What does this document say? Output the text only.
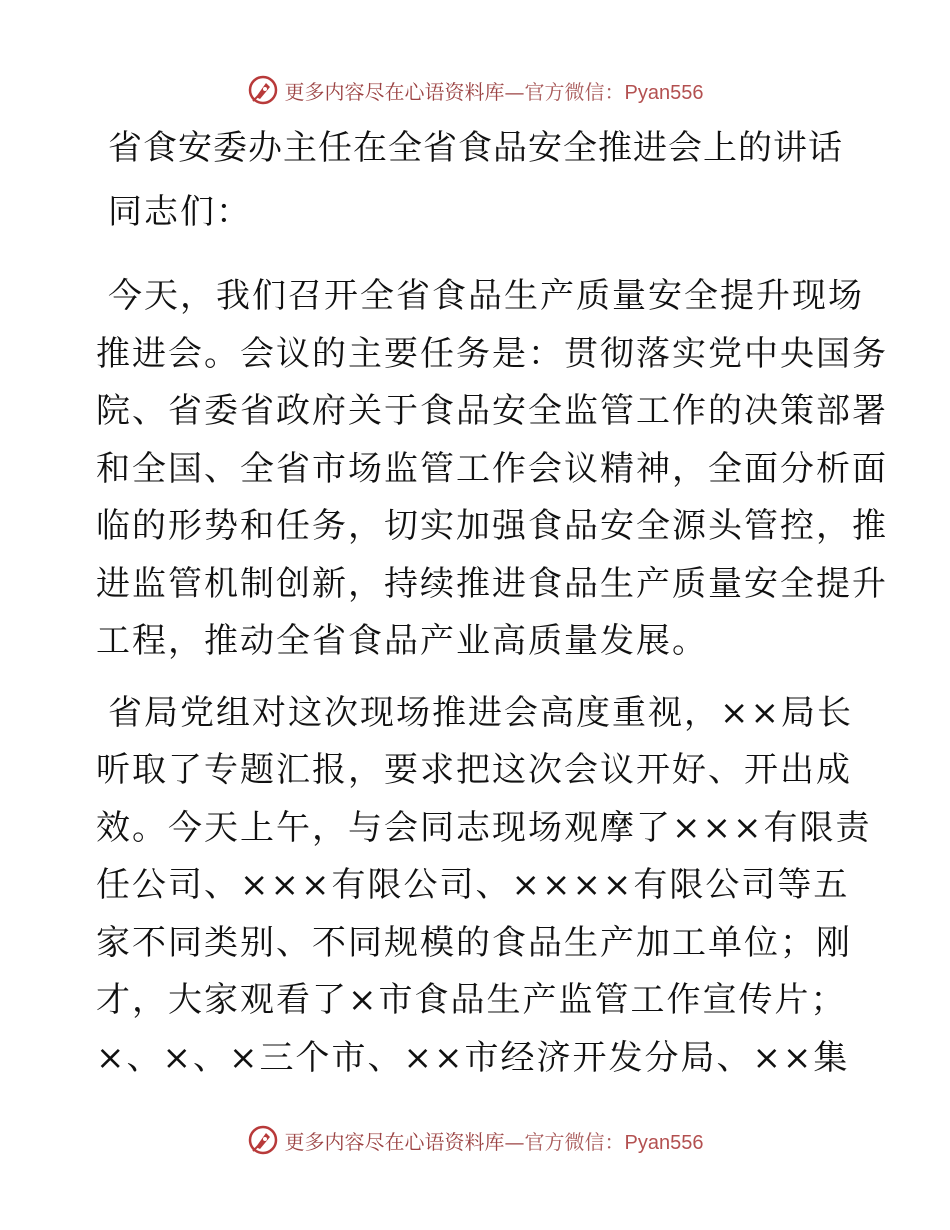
更多内容尽在心语资料库—官方微信：Pyan556
省食安委办主任在全省食品安全推进会上的讲话
同志们：
今天，我们召开全省食品生产质量安全提升现场
推进会。会议的主要任务是：贯彻落实党中央国务
院、省委省政府关于食品安全监管工作的决策部署
和全国、全省市场监管工作会议精神，全面分析面
临的形势和任务，切实加强食品安全源头管控，推
进监管机制创新，持续推进食品生产质量安全提升
工程，推动全省食品产业高质量发展。
省局党组对这次现场推进会高度重视，××局长
听取了专题汇报，要求把这次会议开好、开出成
效。今天上午，与会同志现场观摩了×××有限责
任公司、×××有限公司、××××有限公司等五
家不同类别、不同规模的食品生产加工单位；刚
才，大家观看了×市食品生产监管工作宣传片；
×、×、×三个市、××市经济开发分局、××集
更多内容尽在心语资料库—官方微信：Pyan556
